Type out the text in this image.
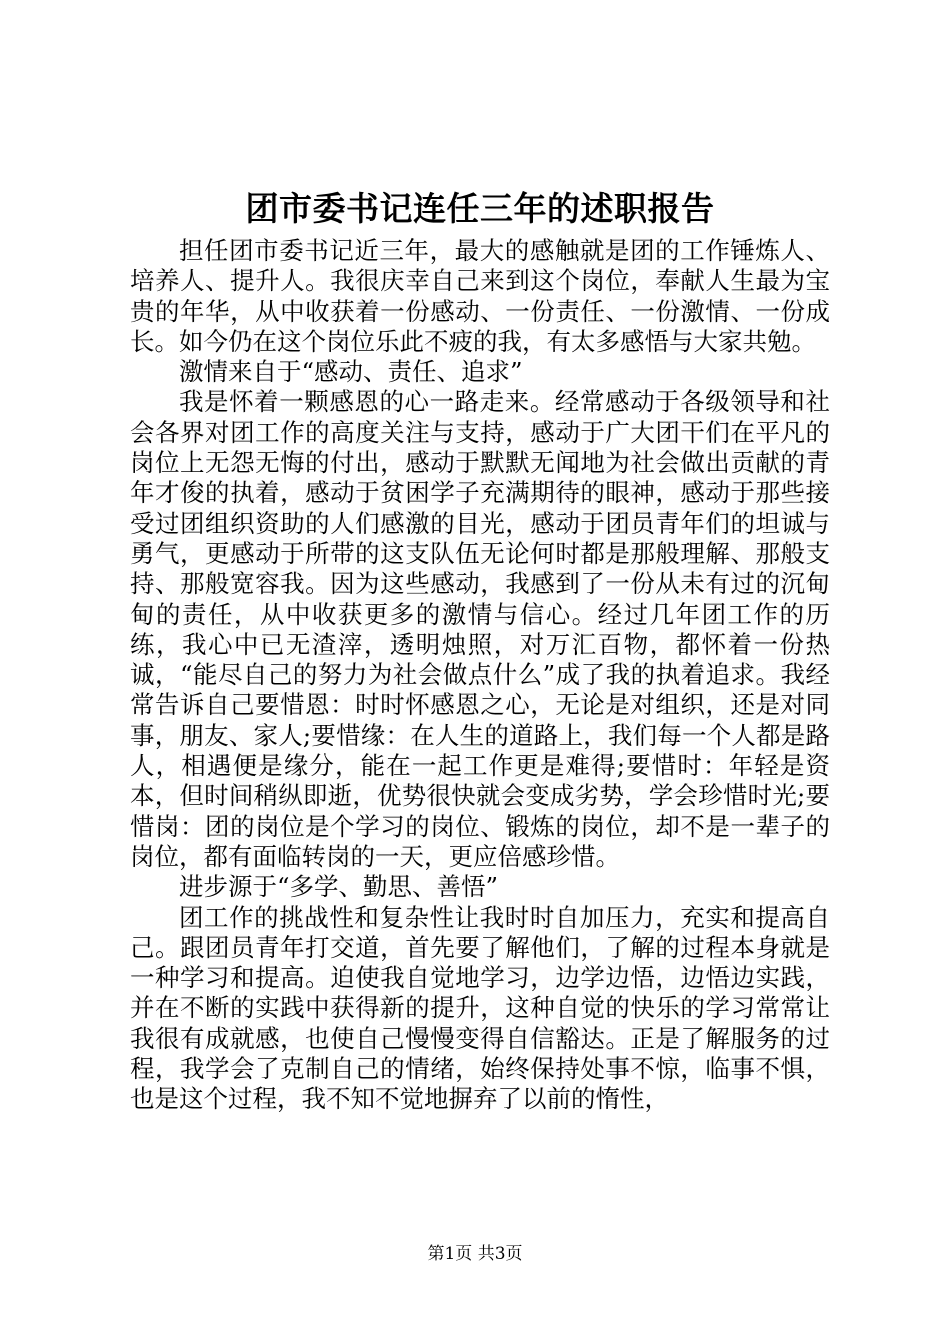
团市委书记连任三年的述职报告

担任团市委书记近三年，最大的感触就是团的工作锤炼人、培养人、提升人。我很庆幸自己来到这个岗位，奉献人生最为宝贵的年华，从中收获着一份感动、一份责任、一份激情、一份成长。如今仍在这个岗位乐此不疲的我，有太多感悟与大家共勉。

激情来自于“感动、责任、追求”

我是怀着一颗感恩的心一路走来。经常感动于各级领导和社会各界对团工作的高度关注与支持，感动于广大团干们在平凡的岗位上无怨无悔的付出，感动于默默无闻地为社会做出贡献的青年才俊的执着，感动于贫困学子充满期待的眼神，感动于那些接受过团组织资助的人们感激的目光，感动于团员青年们的坦诚与勇气，更感动于所带的这支队伍无论何时都是那般理解、那般支持、那般宽容我。因为这些感动，我感到了一份从未有过的沉甸甸的责任，从中收获更多的激情与信心。经过几年团工作的历练，我心中已无渣滓，透明烛照，对万汇百物，都怀着一份热诚，“能尽自己的努力为社会做点什么”成了我的执着追求。我经常告诉自己要惜恩：时时怀感恩之心，无论是对组织，还是对同事，朋友、家人;要惜缘：在人生的道路上，我们每一个人都是路人，相遇便是缘分，能在一起工作更是难得;要惜时：年轻是资本，但时间稍纵即逝，优势很快就会变成劣势，学会珍惜时光;要惜岗：团的岗位是个学习的岗位、锻炼的岗位，却不是一辈子的岗位，都有面临转岗的一天，更应倍感珍惜。

进步源于“多学、勤思、善悟”

团工作的挑战性和复杂性让我时时自加压力，充实和提高自己。跟团员青年打交道，首先要了解他们，了解的过程本身就是一种学习和提高。迫使我自觉地学习，边学边悟，边悟边实践，并在不断的实践中获得新的提升，这种自觉的快乐的学习常常让我很有成就感，也使自己慢慢变得自信豁达。正是了解服务的过程，我学会了克制自己的情绪，始终保持处事不惊，临事不惧，也是这个过程，我不知不觉地摒弃了以前的惰性，

第1页 共3页
